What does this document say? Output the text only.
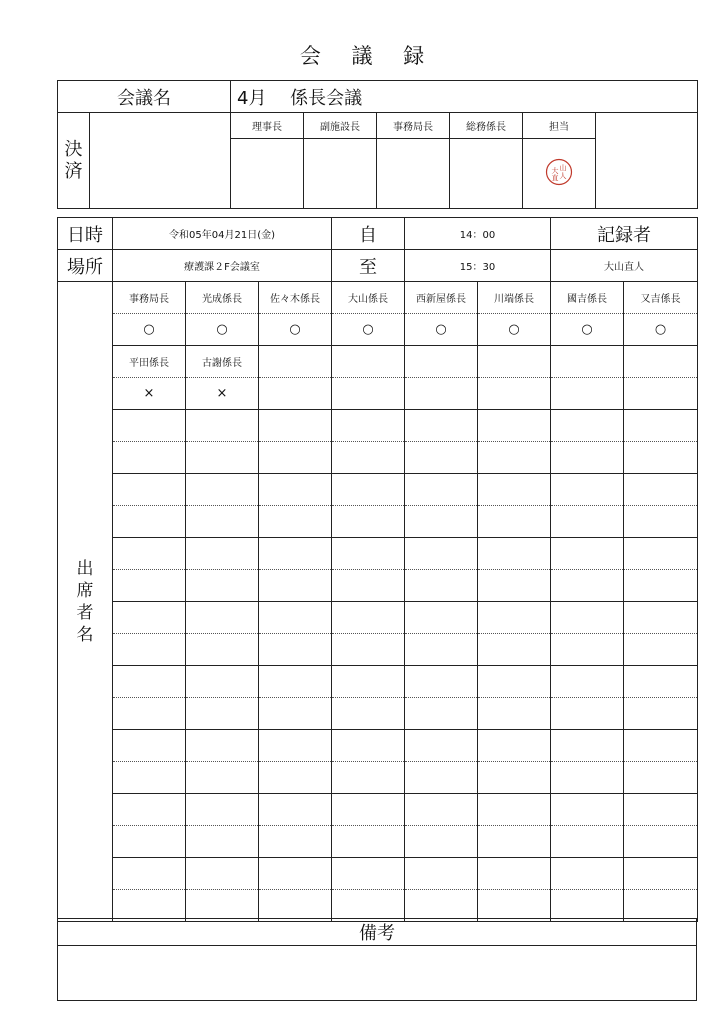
会 議 録
会議名		4月 係長会議					

決
済		理事長	副施設長	事務局長	総務係長	担当	

山
大
人
直	
日時	令和05年04月21日(金)			自	14：00		記録者	
場所	療護課２F会議室			至	15：30		大山直人	
出席者名	事務局長	光成係長	佐々木係長	大山係長	西新屋係長	川端係長	國吉係長	又吉係長
	○	○	○	○	○	○	○	○
	平田係長	古謝係長						
	×	×						

備考
